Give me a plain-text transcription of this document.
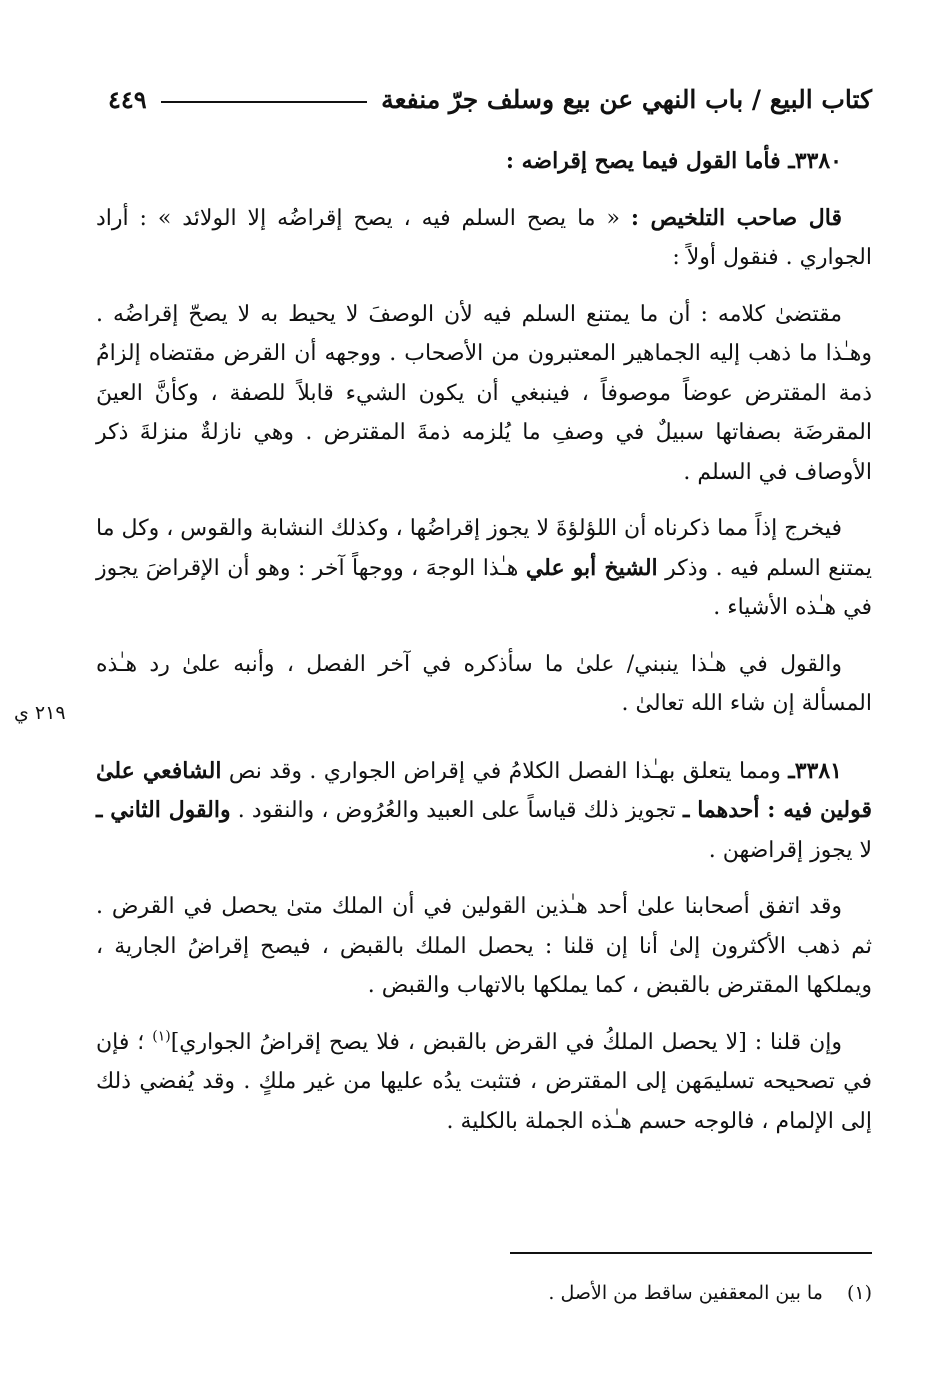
كتاب البيع / باب النهي عن بيع وسلف جرّ منفعة
٤٤٩
٢١٩ ي

٣٣٨٠ـ فأما القول فيما يصح إقراضه :

قال صاحب التلخيص : « ما يصح السلم فيه ، يصح إقراضُه إلا الولائد » : أراد الجواري . فنقول أولاً :

مقتضىٰ كلامه : أن ما يمتنع السلم فيه لأن الوصفَ لا يحيط به لا يصحّ إقراضُه . وهـٰذا ما ذهب إليه الجماهير المعتبرون من الأصحاب . ووجهه أن القرض مقتضاه إلزامُ ذمة المقترض عوضاً موصوفاً ، فينبغي أن يكون الشيء قابلاً للصفة ، وكأنَّ العينَ المقرضَة بصفاتها سبيلٌ في وصفِ ما يُلزمه ذمةَ المقترض . وهي نازلةٌ منزلةَ ذكر الأوصاف في السلم .

فيخرج إذاً مما ذكرناه أن اللؤلؤةَ لا يجوز إقراضُها ، وكذلك النشابة والقوس ، وكل ما يمتنع السلم فيه . وذكر الشيخ أبو علي هـٰذا الوجهَ ، ووجهاً آخر : وهو أن الإقراضَ يجوز في هـٰذه الأشياء .

والقول في هـٰذا ينبني/ علىٰ ما سأذكره في آخر الفصل ، وأنبه علىٰ رد هـٰذه المسألة إن شاء الله تعالىٰ .

٣٣٨١ـ ومما يتعلق بهـٰذا الفصل الكلامُ في إقراض الجواري . وقد نص الشافعي علىٰ قولين فيه : أحدهما ـ تجويز ذلك قياساً على العبيد والعُرُوض ، والنقود . والقول الثاني ـ لا يجوز إقراضهن .

وقد اتفق أصحابنا علىٰ أحد هـٰذين القولين في أن الملك متىٰ يحصل في القرض . ثم ذهب الأكثرون إلىٰ أنا إن قلنا : يحصل الملك بالقبض ، فيصح إقراضُ الجارية ، ويملكها المقترض بالقبض ، كما يملكها بالاتهاب والقبض .

وإن قلنا : [لا يحصل الملكُ في القرض بالقبض ، فلا يصح إقراضُ الجواري]$^{(١)}$ ؛ فإن في تصحيحه تسليمَهن إلى المقترض ، فتثبت يدُه عليها من غير ملكٍ . وقد يُفضي ذلك إلى الإلمام ، فالوجه حسم هـٰذه الجملة بالكلية .

(١) ما بين المعقفين ساقط من الأصل .
